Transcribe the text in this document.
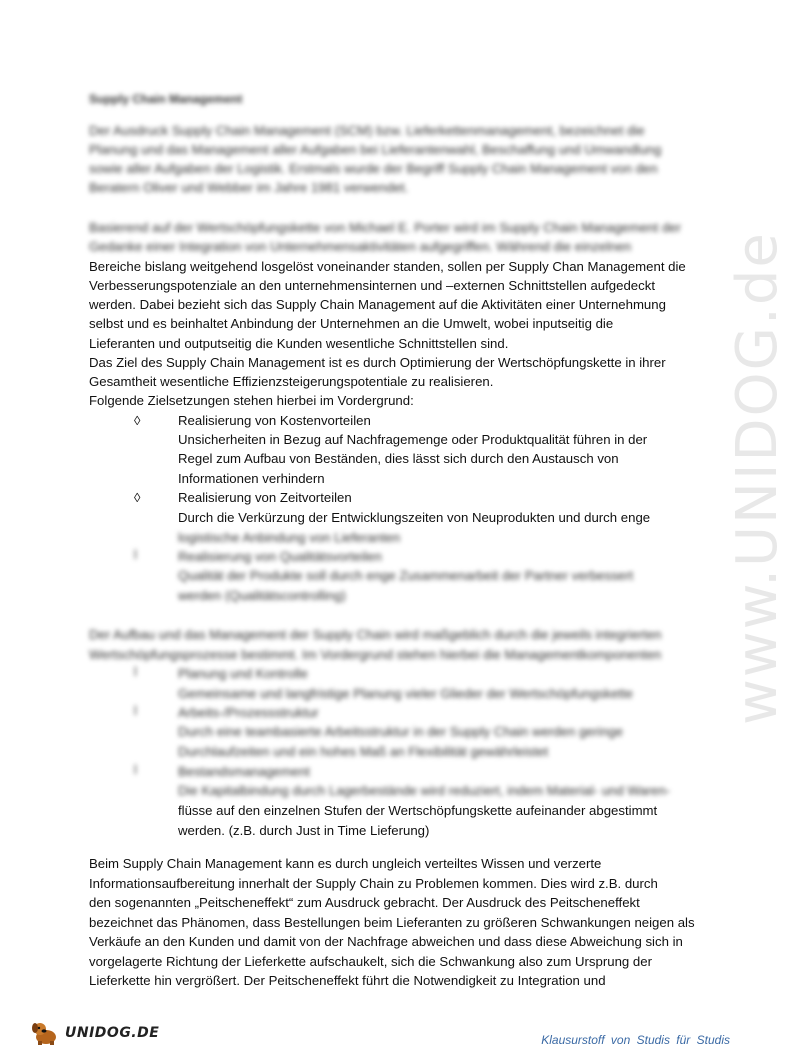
www.UNIDOG.de
Supply Chain Management
Der Ausdruck Supply Chain Management (SCM) bzw. Lieferkettenmanagement, bezeichnet die
Planung und das Management aller Aufgaben bei Lieferantenwahl, Beschaffung und Umwandlung
sowie aller Aufgaben der Logistik. Erstmals wurde der Begriff Supply Chain Management von den
Beratern Oliver und Webber im Jahre 1981 verwendet.
Basierend auf der Wertschöpfungskette von Michael E. Porter wird im Supply Chain Management der
Gedanke einer Integration von Unternehmensaktivitäten aufgegriffen. Während die einzelnen
Bereiche bislang weitgehend losgelöst voneinander standen, sollen per Supply Chan Management die
Verbesserungspotenziale an den unternehmensinternen und –externen Schnittstellen aufgedeckt
werden. Dabei bezieht sich das Supply Chain Management auf die Aktivitäten einer Unternehmung
selbst und es beinhaltet Anbindung der Unternehmen an die Umwelt, wobei inputseitig die
Lieferanten und outputseitig die Kunden wesentliche Schnittstellen sind.
Das Ziel des Supply Chain Management ist es durch Optimierung der Wertschöpfungskette in ihrer
Gesamtheit wesentliche Effizienzsteigerungspotentiale zu realisieren.
Folgende Zielsetzungen stehen hierbei im Vordergrund:
◊	Realisierung von Kostenvorteilen
Unsicherheiten in Bezug auf Nachfragemenge oder Produktqualität führen in der
Regel zum Aufbau von Beständen, dies lässt sich durch den Austausch von
Informationen verhindern
◊	Realisierung von Zeitvorteilen
Durch die Verkürzung der Entwicklungszeiten von Neuprodukten und durch enge
logistische Anbindung von Lieferanten
l	Realisierung von Qualitätsvorteilen
Qualität der Produkte soll durch enge Zusammenarbeit der Partner verbessert
werden (Qualitätscontrolling)
Der Aufbau und das Management der Supply Chain wird maßgeblich durch die jeweils integrierten
Wertschöpfungsprozesse bestimmt. Im Vordergrund stehen hierbei die Managementkomponenten
l	Planung und Kontrolle
Gemeinsame und langfristige Planung vieler Glieder der Wertschöpfungskette
l	Arbeits-/Prozessstruktur
Durch eine teambasierte Arbeitsstruktur in der Supply Chain werden geringe
Durchlaufzeiten und ein hohes Maß an Flexibilität gewährleistet
l	Bestandsmanagement
Die Kapitalbindung durch Lagerbestände wird reduziert, indem Material- und Waren-
flüsse auf den einzelnen Stufen der Wertschöpfungskette aufeinander abgestimmt
werden. (z.B. durch Just in Time Lieferung)
Beim Supply Chain Management kann es durch ungleich verteiltes Wissen und verzerte
Informationsaufbereitung innerhalt der Supply Chain zu Problemen kommen. Dies wird z.B. durch
den sogenannten „Peitscheneffekt“ zum Ausdruck gebracht. Der Ausdruck des Peitscheneffekt
bezeichnet das Phänomen, dass Bestellungen beim Lieferanten zu größeren Schwankungen neigen als
Verkäufe an den Kunden und damit von der Nachfrage abweichen und dass diese Abweichung sich in
vorgelagerte Richtung der Lieferkette aufschaukelt, sich die Schwankung also zum Ursprung der
Lieferkette hin vergrößert. Der Peitscheneffekt führt die Notwendigkeit zu Integration und
UNIDOG.DE	Klausurstoff von Studis für Studis
